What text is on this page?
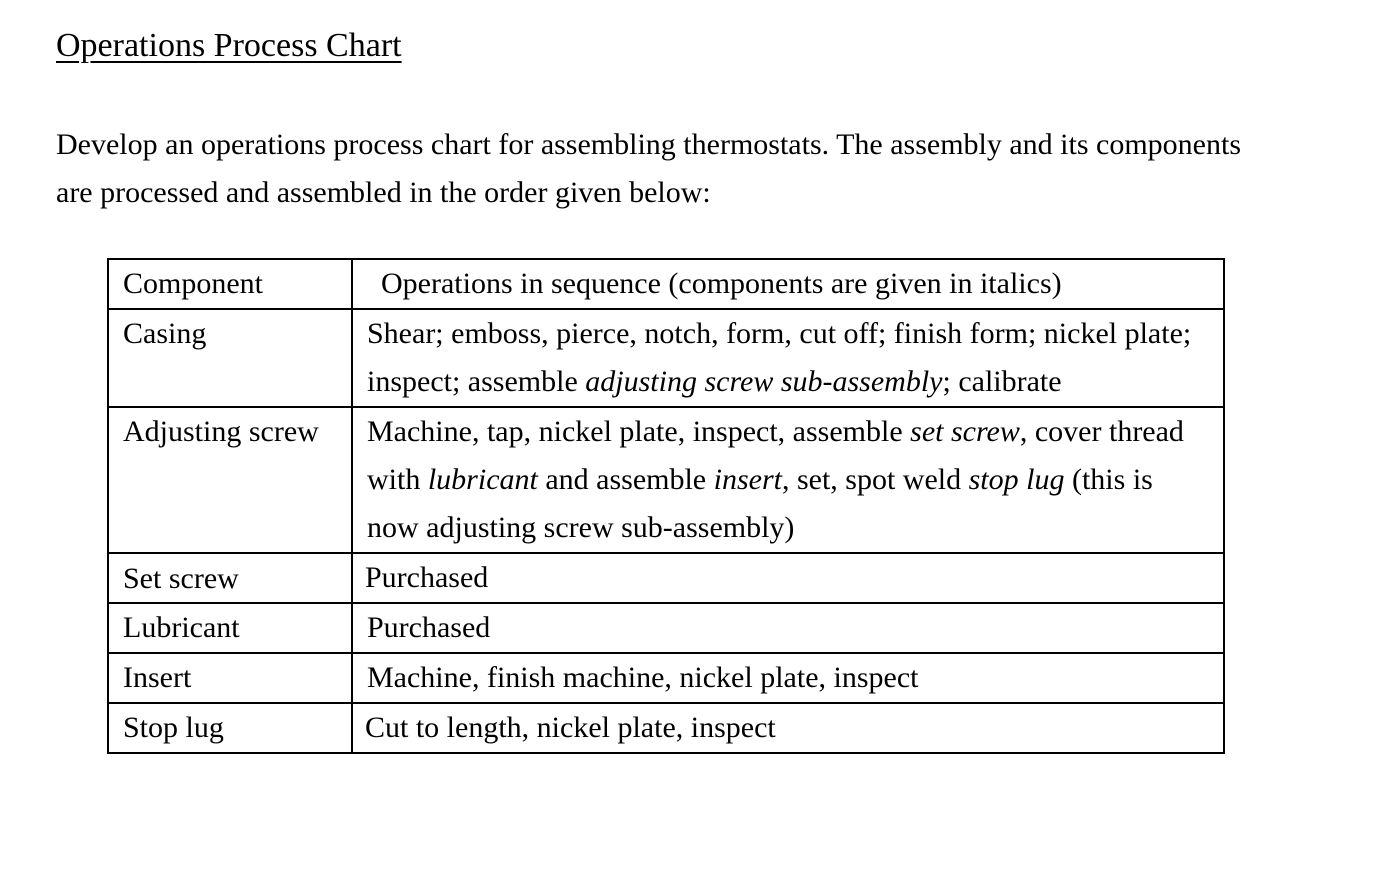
Operations Process Chart
Develop an operations process chart for assembling thermostats. The assembly and its components are processed and assembled in the order given below:
Component	Operations in sequence (components are given in italics)
Casing	Shear; emboss, pierce, notch, form, cut off; finish form; nickel plate; inspect; assemble adjusting screw sub-assembly; calibrate
Adjusting screw	Machine, tap, nickel plate, inspect, assemble set screw, cover thread with lubricant and assemble insert, set, spot weld stop lug (this is now adjusting screw sub-assembly)
Set screw	Purchased
Lubricant	Purchased
Insert	Machine, finish machine, nickel plate, inspect
Stop lug	Cut to length, nickel plate, inspect
